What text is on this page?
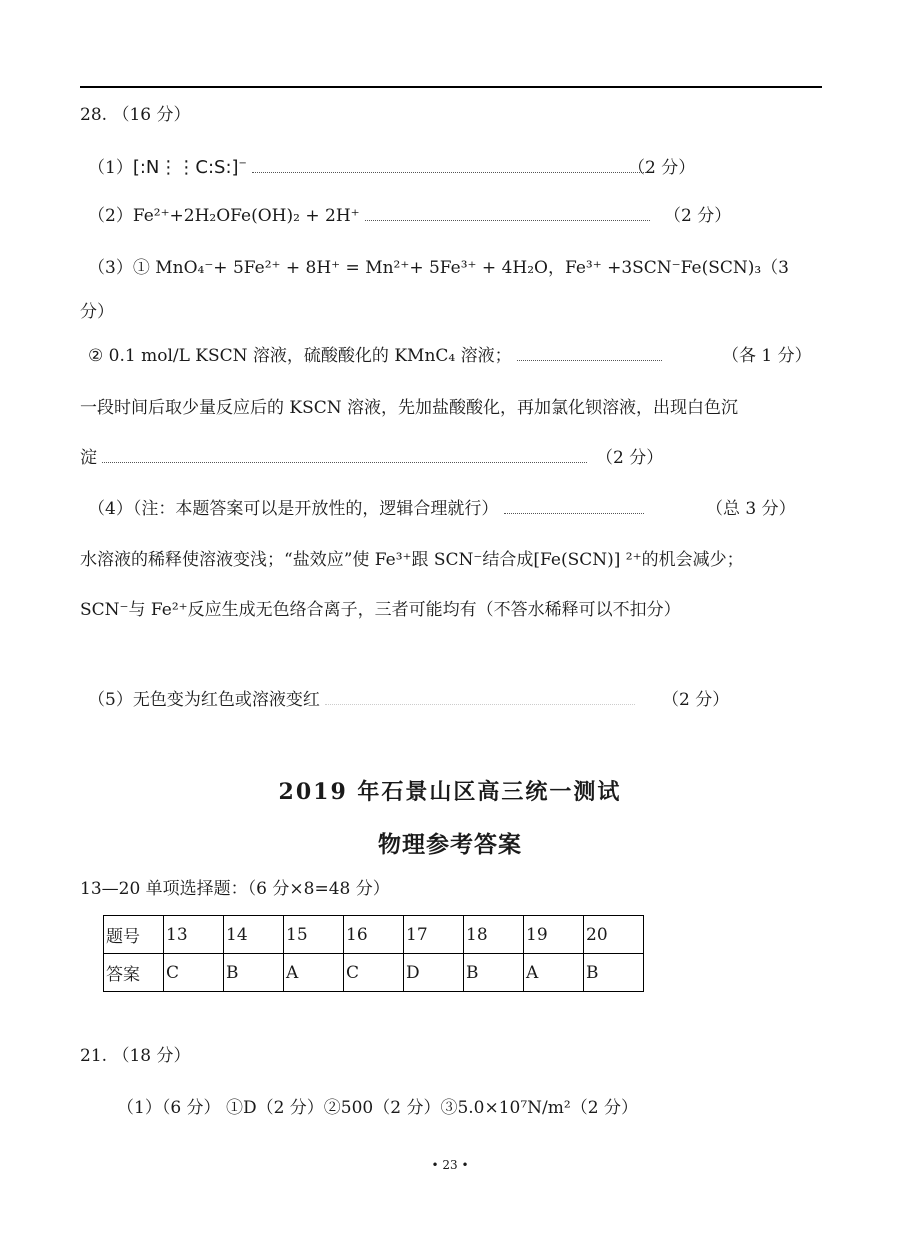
28. （16 分）
（1）[:N⋮⋮C:S:]−	（2 分）
（2）Fe²⁺+2H₂OFe(OH)₂ + 2H⁺	（2 分）
（3）① MnO₄⁻+ 5Fe²⁺ + 8H⁺ = Mn²⁺+ 5Fe³⁺ + 4H₂O，Fe³⁺ +3SCN⁻Fe(SCN)₃（3
分）
② 0.1 mol/L KSCN 溶液，硫酸酸化的 KMnC₄ 溶液；	（各 1 分）
一段时间后取少量反应后的 KSCN 溶液，先加盐酸酸化，再加氯化钡溶液，出现白色沉
淀	（2 分）
（4）（注：本题答案可以是开放性的，逻辑合理就行）	（总 3 分）
水溶液的稀释使溶液变浅；“盐效应”使 Fe³⁺跟 SCN⁻结合成[Fe(SCN)] ²⁺的机会减少；
SCN⁻与 Fe²⁺反应生成无色络合离子，三者可能均有（不答水稀释可以不扣分）
（5）无色变为红色或溶液变红	（2 分）
2019 年石景山区高三统一测试
物理参考答案
13—20 单项选择题：（6 分×8=48 分）
题号	13	14	15	16	17	18	19	20
答案	C	B	A	C	D	B	A	B
21. （18 分）
（1）（6 分） ①D（2 分）②500（2 分）③5.0×10⁷N/m²（2 分）
• 23 •
